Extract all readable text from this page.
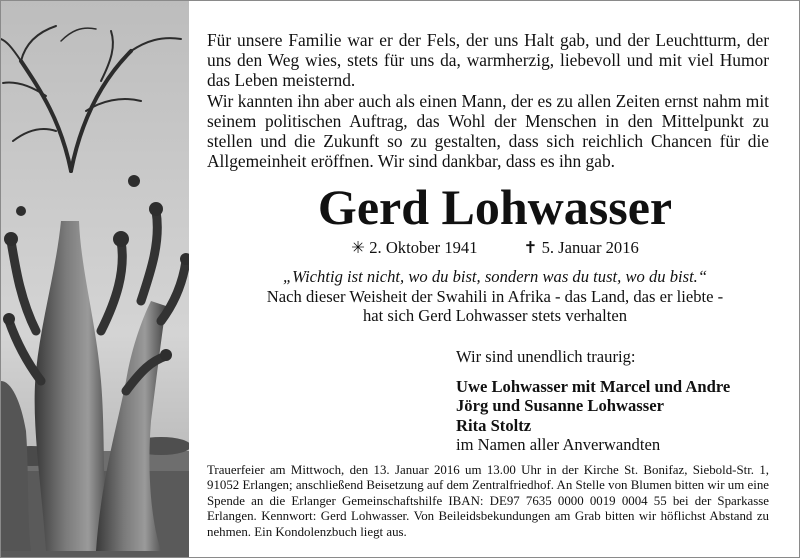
Für unsere Familie war er der Fels, der uns Halt gab, und der Leuchtturm, der uns den Weg wies, stets für uns da, warmherzig, liebevoll und mit viel Humor das Leben meisternd.

Wir kannten ihn aber auch als einen Mann, der es zu allen Zeiten ernst nahm mit seinem politischen Auftrag, das Wohl der Menschen in den Mittelpunkt zu stellen und die Zukunft so zu gestalten, dass sich reichlich Chancen für die Allgemeinheit eröffnen. Wir sind dankbar, dass es ihn gab.

Gerd Lohwasser
✳ 2. Oktober 1941	✝ 5. Januar 2016
„Wichtig ist nicht, wo du bist, sondern was du tust, wo du bist.“
Nach dieser Weisheit der Swahili in Afrika - das Land, das er liebte -
hat sich Gerd Lohwasser stets verhalten
Wir sind unendlich traurig:
Uwe Lohwasser mit Marcel und Andre
Jörg und Susanne Lohwasser
Rita Stoltz
im Namen aller Anverwandten

Trauerfeier am Mittwoch, den 13. Januar 2016 um 13.00 Uhr in der Kirche St. Bonifaz, Siebold-Str. 1, 91052 Erlangen; anschließend Beisetzung auf dem Zentralfriedhof. An Stelle von Blumen bitten wir um eine Spende an die Erlanger Gemeinschaftshilfe IBAN: DE97 7635 0000 0019 0004 55 bei der Sparkasse Erlangen. Kennwort: Gerd Lohwasser. Von Beileidsbekundungen am Grab bitten wir höflichst Abstand zu nehmen. Ein Kondolenzbuch liegt aus.
